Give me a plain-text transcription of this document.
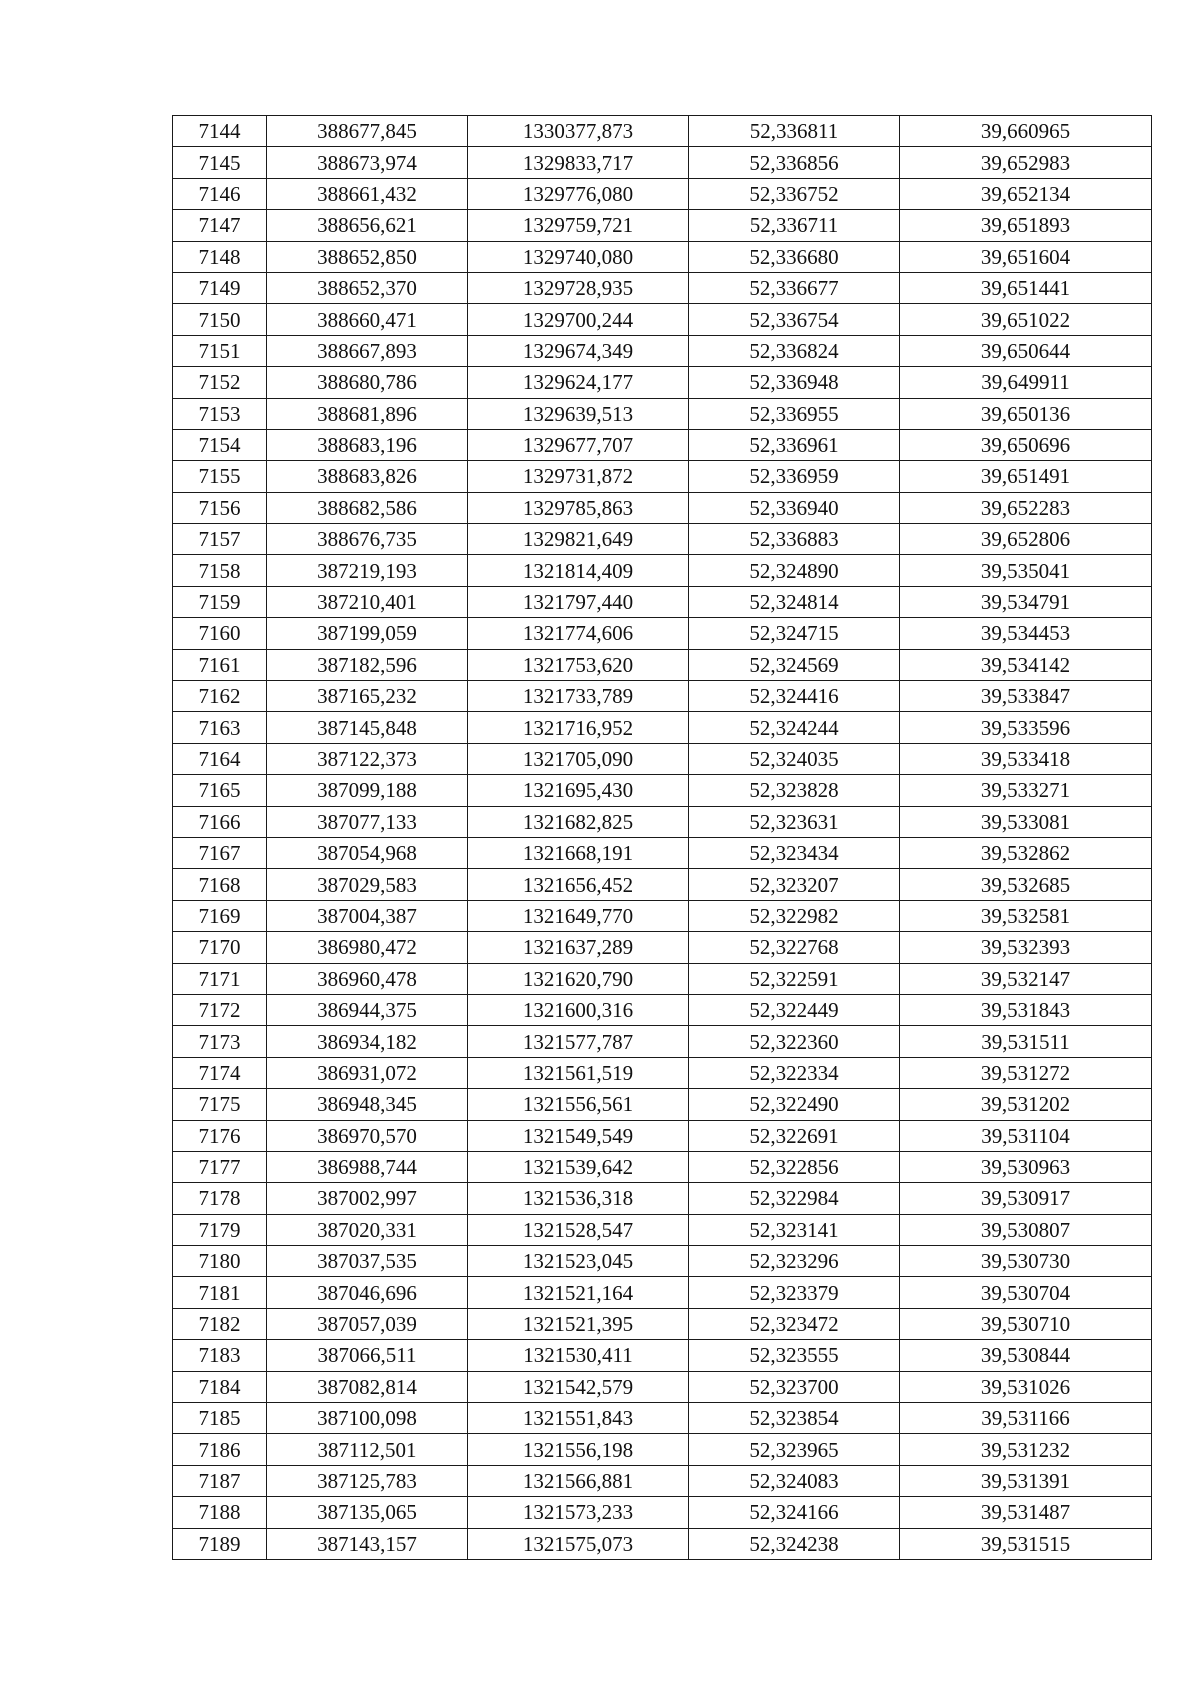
7144	388677,845	1330377,873	52,336811	39,660965
7145	388673,974	1329833,717	52,336856	39,652983
7146	388661,432	1329776,080	52,336752	39,652134
7147	388656,621	1329759,721	52,336711	39,651893
7148	388652,850	1329740,080	52,336680	39,651604
7149	388652,370	1329728,935	52,336677	39,651441
7150	388660,471	1329700,244	52,336754	39,651022
7151	388667,893	1329674,349	52,336824	39,650644
7152	388680,786	1329624,177	52,336948	39,649911
7153	388681,896	1329639,513	52,336955	39,650136
7154	388683,196	1329677,707	52,336961	39,650696
7155	388683,826	1329731,872	52,336959	39,651491
7156	388682,586	1329785,863	52,336940	39,652283
7157	388676,735	1329821,649	52,336883	39,652806
7158	387219,193	1321814,409	52,324890	39,535041
7159	387210,401	1321797,440	52,324814	39,534791
7160	387199,059	1321774,606	52,324715	39,534453
7161	387182,596	1321753,620	52,324569	39,534142
7162	387165,232	1321733,789	52,324416	39,533847
7163	387145,848	1321716,952	52,324244	39,533596
7164	387122,373	1321705,090	52,324035	39,533418
7165	387099,188	1321695,430	52,323828	39,533271
7166	387077,133	1321682,825	52,323631	39,533081
7167	387054,968	1321668,191	52,323434	39,532862
7168	387029,583	1321656,452	52,323207	39,532685
7169	387004,387	1321649,770	52,322982	39,532581
7170	386980,472	1321637,289	52,322768	39,532393
7171	386960,478	1321620,790	52,322591	39,532147
7172	386944,375	1321600,316	52,322449	39,531843
7173	386934,182	1321577,787	52,322360	39,531511
7174	386931,072	1321561,519	52,322334	39,531272
7175	386948,345	1321556,561	52,322490	39,531202
7176	386970,570	1321549,549	52,322691	39,531104
7177	386988,744	1321539,642	52,322856	39,530963
7178	387002,997	1321536,318	52,322984	39,530917
7179	387020,331	1321528,547	52,323141	39,530807
7180	387037,535	1321523,045	52,323296	39,530730
7181	387046,696	1321521,164	52,323379	39,530704
7182	387057,039	1321521,395	52,323472	39,530710
7183	387066,511	1321530,411	52,323555	39,530844
7184	387082,814	1321542,579	52,323700	39,531026
7185	387100,098	1321551,843	52,323854	39,531166
7186	387112,501	1321556,198	52,323965	39,531232
7187	387125,783	1321566,881	52,324083	39,531391
7188	387135,065	1321573,233	52,324166	39,531487
7189	387143,157	1321575,073	52,324238	39,531515
